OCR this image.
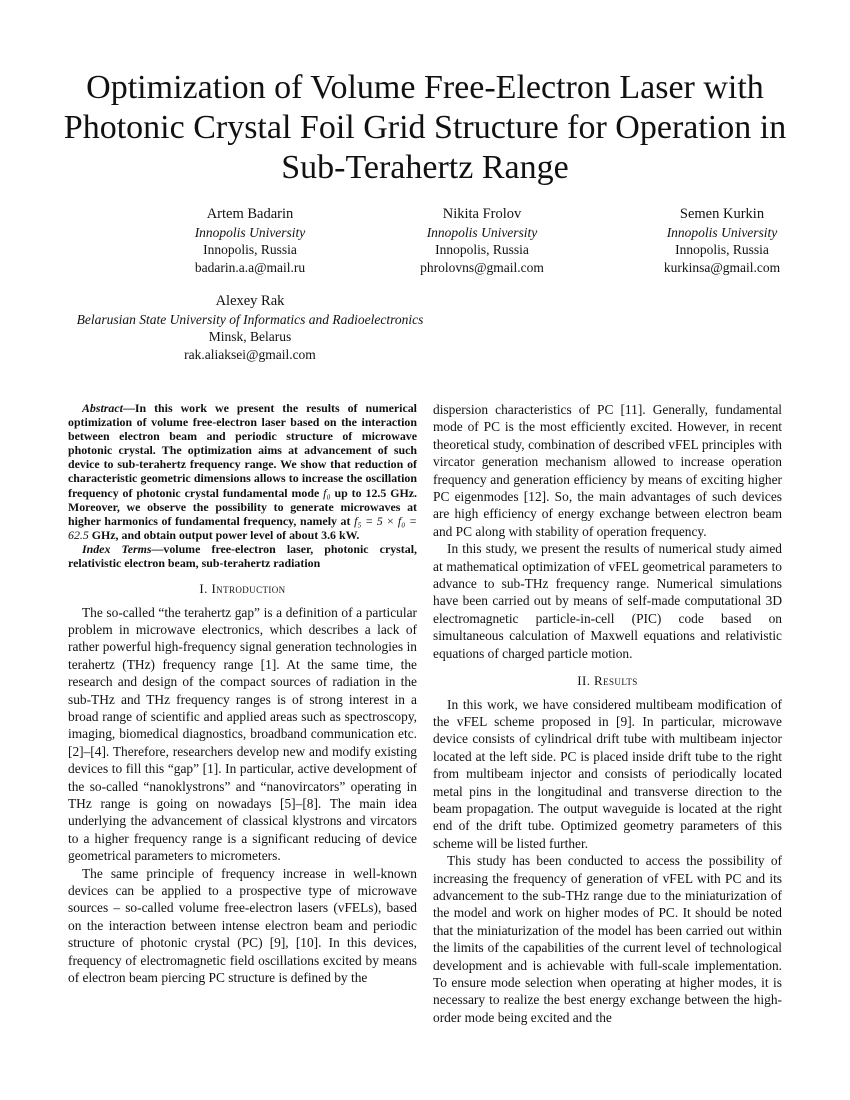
Optimization of Volume Free-Electron Laser with Photonic Crystal Foil Grid Structure for Operation in Sub-Terahertz Range
Artem Badarin
Innopolis University
Innopolis, Russia
badarin.a.a@mail.ru
Nikita Frolov
Innopolis University
Innopolis, Russia
phrolovns@gmail.com
Semen Kurkin
Innopolis University
Innopolis, Russia
kurkinsa@gmail.com
Alexey Rak
Belarusian State University of Informatics and Radioelectronics
Minsk, Belarus
rak.aliaksei@gmail.com

Abstract—In this work we present the results of numerical optimization of volume free-electron laser based on the interaction between electron beam and periodic structure of microwave photonic crystal. The optimization aims at advancement of such device to sub-terahertz frequency range. We show that reduction of characteristic geometric dimensions allows to increase the oscillation frequency of photonic crystal fundamental mode f₀ up to 12.5 GHz. Moreover, we observe the possibility to generate microwaves at higher harmonics of fundamental frequency, namely at f₅ = 5 × f₀ = 62.5 GHz, and obtain output power level of about 3.6 kW.

Index Terms—volume free-electron laser, photonic crystal, relativistic electron beam, sub-terahertz radiation

I. Introduction

The so-called “the terahertz gap” is a definition of a particular problem in microwave electronics, which describes a lack of rather powerful high-frequency signal generation technologies in terahertz (THz) frequency range [1]. At the same time, the research and design of the compact sources of radiation in the sub-THz and THz frequency ranges is of strong interest in a broad range of scientific and applied areas such as spectroscopy, imaging, biomedical diagnostics, broadband communication etc. [2]–[4]. Therefore, researchers develop new and modify existing devices to fill this “gap” [1]. In particular, active development of the so-called “nanoklystrons” and “nanovircators” operating in THz range is going on nowadays [5]–[8]. The main idea underlying the advancement of classical klystrons and vircators to a higher frequency range is a significant reducing of device geometrical parameters to micrometers.

The same principle of frequency increase in well-known devices can be applied to a prospective type of microwave sources – so-called volume free-electron lasers (vFELs), based on the interaction between intense electron beam and periodic structure of photonic crystal (PC) [9], [10]. In this devices, frequency of electromagnetic field oscillations excited by means of electron beam piercing PC structure is defined by the

dispersion characteristics of PC [11]. Generally, fundamental mode of PC is the most efficiently excited. However, in recent theoretical study, combination of described vFEL principles with vircator generation mechanism allowed to increase operation frequency and generation efficiency by means of exciting higher PC eigenmodes [12]. So, the main advantages of such devices are high efficiency of energy exchange between electron beam and PC along with stability of operation frequency.

In this study, we present the results of numerical study aimed at mathematical optimization of vFEL geometrical parameters to advance to sub-THz frequency range. Numerical simulations have been carried out by means of self-made computational 3D electromagnetic particle-in-cell (PIC) code based on simultaneous calculation of Maxwell equations and relativistic equations of charged particle motion.

II. Results

In this work, we have considered multibeam modification of the vFEL scheme proposed in [9]. In particular, microwave device consists of cylindrical drift tube with multibeam injector located at the left side. PC is placed inside drift tube to the right from multibeam injector and consists of periodically located metal pins in the longitudinal and transverse direction to the beam propagation. The output waveguide is located at the right end of the drift tube. Optimized geometry parameters of this scheme will be listed further.

This study has been conducted to access the possibility of increasing the frequency of generation of vFEL with PC and its advancement to the sub-THz range due to the miniaturization of the model and work on higher modes of PC. It should be noted that the miniaturization of the model has been carried out within the limits of the capabilities of the current level of technological development and is achievable with full-scale implementation. To ensure mode selection when operating at higher modes, it is necessary to realize the best energy exchange between the high-order mode being excited and the
